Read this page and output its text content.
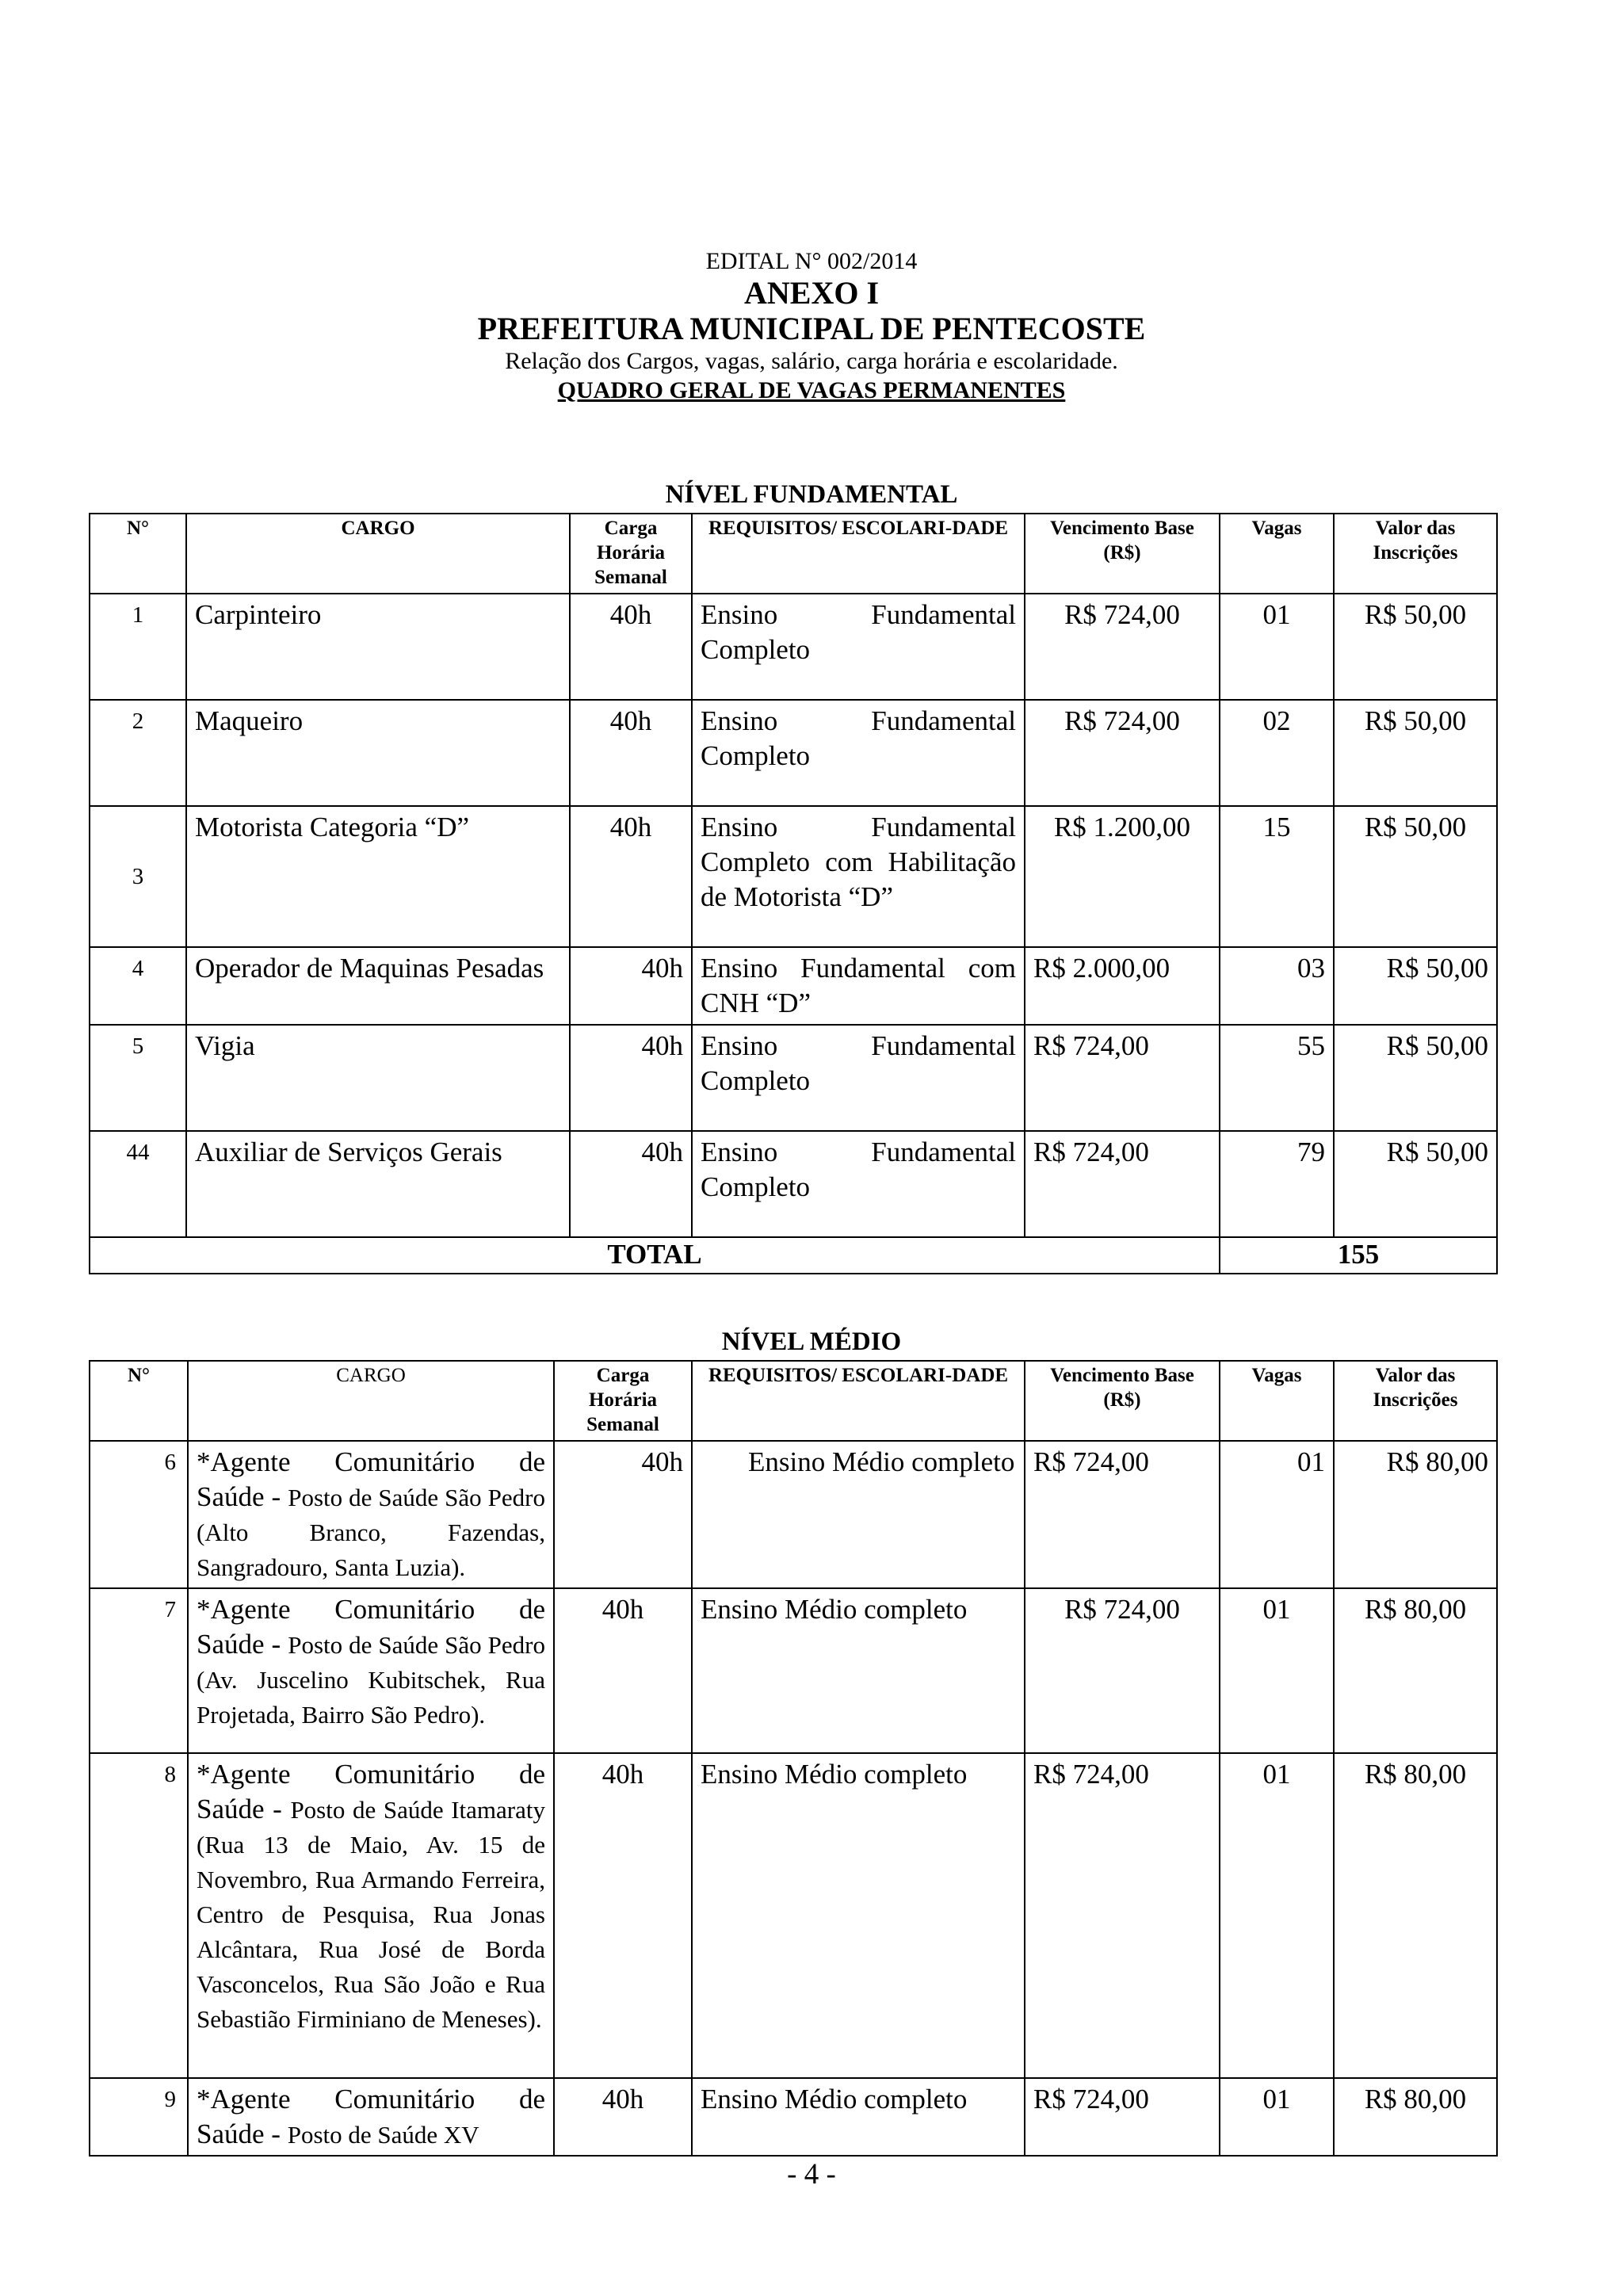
EDITAL N° 002/2014
ANEXO I
PREFEITURA MUNICIPAL DE PENTECOSTE
Relação dos Cargos, vagas, salário, carga horária e escolaridade.
QUADRO GERAL DE VAGAS PERMANENTES
NÍVEL FUNDAMENTAL
N°	CARGO	Carga Horária Semanal	REQUISITOS/ ESCOLARI-DADE	Vencimento Base (R$)	Vagas	Valor das Inscrições
1	Carpinteiro	40h	Ensino Fundamental Completo	R$ 724,00	01	R$ 50,00
2	Maqueiro	40h	Ensino Fundamental Completo	R$ 724,00	02	R$ 50,00
3	Motorista Categoria “D”	40h	Ensino Fundamental Completo com Habilitação de Motorista “D”	R$ 1.200,00	15	R$ 50,00
4	Operador de Maquinas Pesadas	40h	Ensino Fundamental com CNH “D”	R$ 2.000,00	03	R$ 50,00
5	Vigia	40h	Ensino Fundamental Completo	R$ 724,00	55	R$ 50,00
44	Auxiliar de Serviços Gerais	40h	Ensino Fundamental Completo	R$ 724,00	79	R$ 50,00
TOTAL					155	
NÍVEL MÉDIO
N°	CARGO	Carga Horária Semanal	REQUISITOS/ ESCOLARI-DADE	Vencimento Base (R$)	Vagas	Valor das Inscrições
6	*Agente Comunitário de Saúde - Posto de Saúde São Pedro (Alto Branco, Fazendas, Sangradouro, Santa Luzia).	40h	Ensino Médio completo	R$ 724,00	01	R$ 80,00
7	*Agente Comunitário de Saúde - Posto de Saúde São Pedro (Av. Juscelino Kubitschek, Rua Projetada, Bairro São Pedro).	40h	Ensino Médio completo	R$ 724,00	01	R$ 80,00
8	*Agente Comunitário de Saúde - Posto de Saúde Itamaraty (Rua 13 de Maio, Av. 15 de Novembro, Rua Armando Ferreira, Centro de Pesquisa, Rua Jonas Alcântara, Rua José de Borda Vasconcelos, Rua São João e Rua Sebastião Firminiano de Meneses).	40h	Ensino Médio completo	R$ 724,00	01	R$ 80,00
9	*Agente Comunitário de Saúde - Posto de Saúde XV	40h	Ensino Médio completo	R$ 724,00	01	R$ 80,00
- 4 -
